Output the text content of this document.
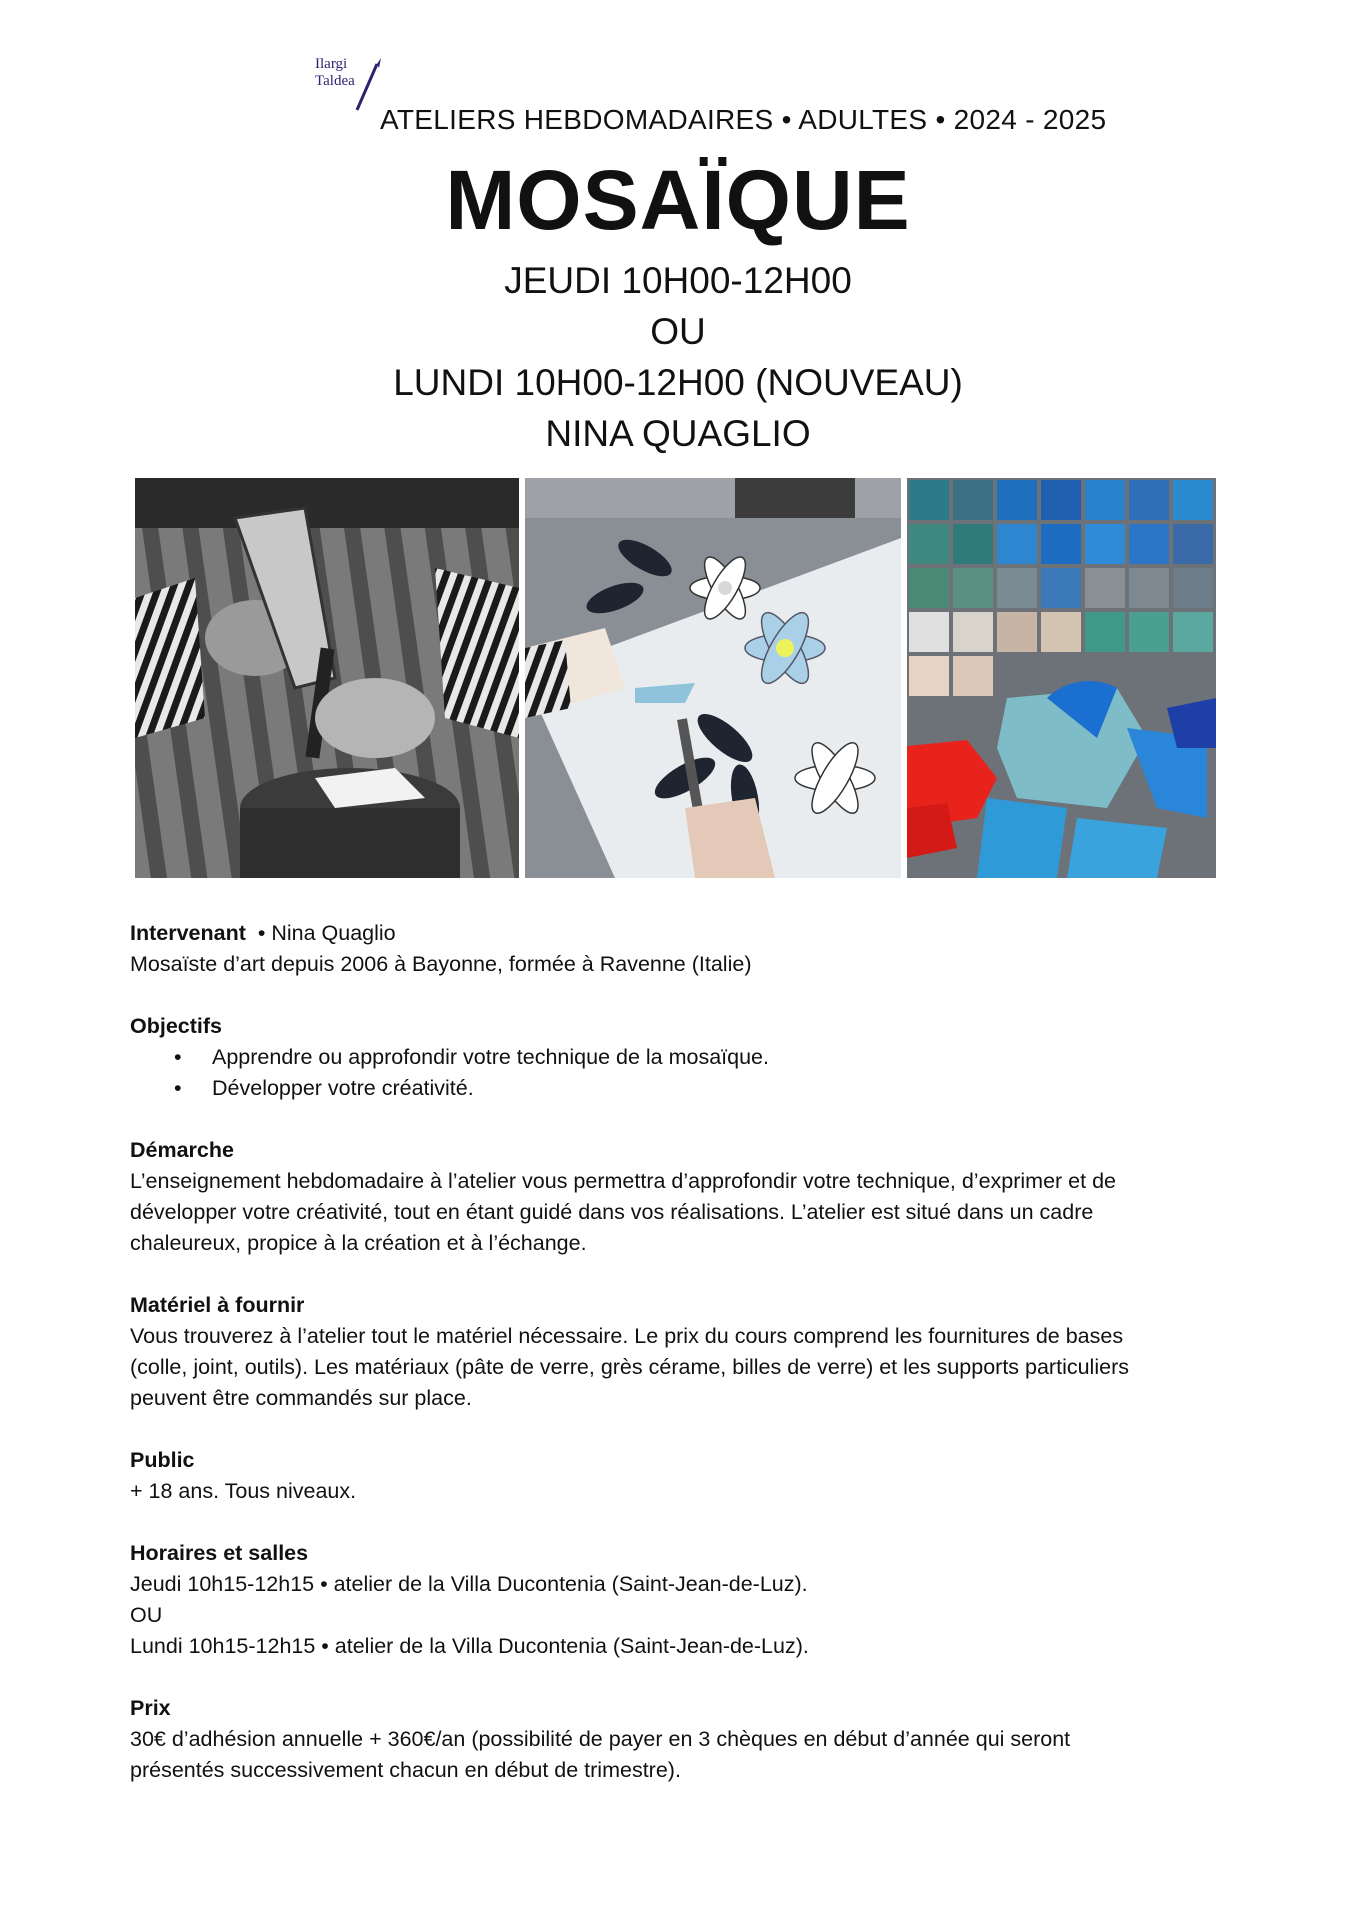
Ilargi
Taldea
ATELIERS HEBDOMADAIRES • ADULTES • 2024 - 2025
MOSAÏQUE
JEUDI 10H00-12H00
OU
LUNDI 10H00-12H00 (NOUVEAU)
NINA QUAGLIO
Intervenant  • Nina Quaglio
Mosaïste d’art depuis 2006 à Bayonne, formée à Ravenne (Italie)
Objectifs
• Apprendre ou approfondir votre technique de la mosaïque.
• Développer votre créativité.
Démarche
L’enseignement hebdomadaire à l’atelier vous permettra d’approfondir votre technique, d’exprimer et de
développer votre créativité, tout en étant guidé dans vos réalisations. L’atelier est situé dans un cadre
chaleureux, propice à la création et à l’échange.
Matériel à fournir
Vous trouverez à l’atelier tout le matériel nécessaire. Le prix du cours comprend les fournitures de bases
(colle, joint, outils). Les matériaux (pâte de verre, grès cérame, billes de verre) et les supports particuliers
peuvent être commandés sur place.
Public
+ 18 ans. Tous niveaux.
Horaires et salles
Jeudi 10h15-12h15 • atelier de la Villa Ducontenia (Saint-Jean-de-Luz).
OU
Lundi 10h15-12h15 • atelier de la Villa Ducontenia (Saint-Jean-de-Luz).
Prix
30€ d’adhésion annuelle + 360€/an (possibilité de payer en 3 chèques en début d’année qui seront
présentés successivement chacun en début de trimestre).
